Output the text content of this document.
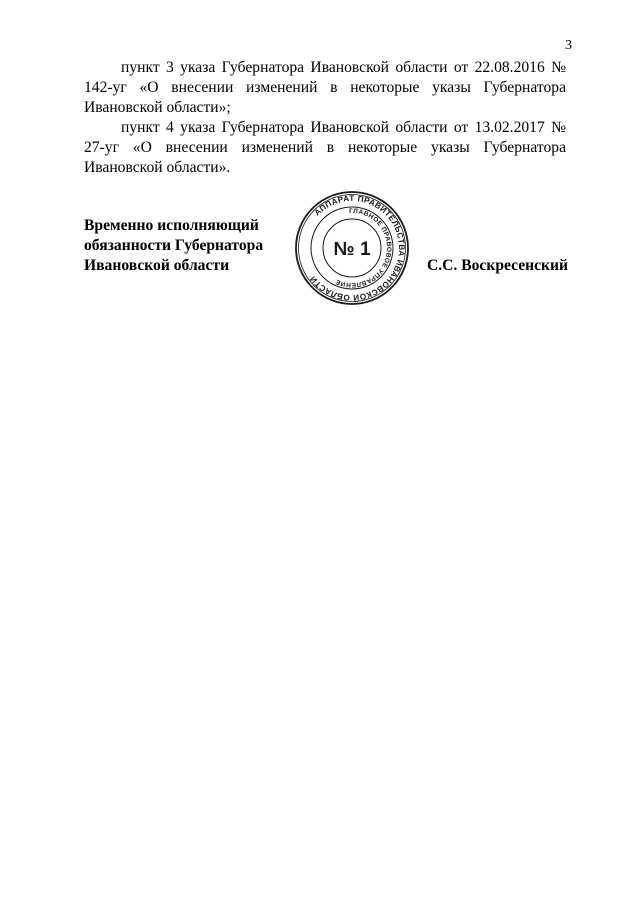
3

пункт 3 указа Губернатора Ивановской области от 22.08.2016 № 142-уг «О внесении изменений в некоторые указы Губернатора Ивановской области»;

пункт 4 указа Губернатора Ивановской области от 13.02.2017 № 27-уг «О внесении изменений в некоторые указы Губернатора Ивановской области».

Временно исполняющий
обязанности Губернатора
Ивановской области
АППАРАТ ПРАВИТЕЛЬСТВА ИВАНОВСКОЙ ОБЛАСТИ
ГЛАВНОЕ ПРАВОВОЕ УПРАВЛЕНИЕ
№ 1
С.С. Воскресенский
